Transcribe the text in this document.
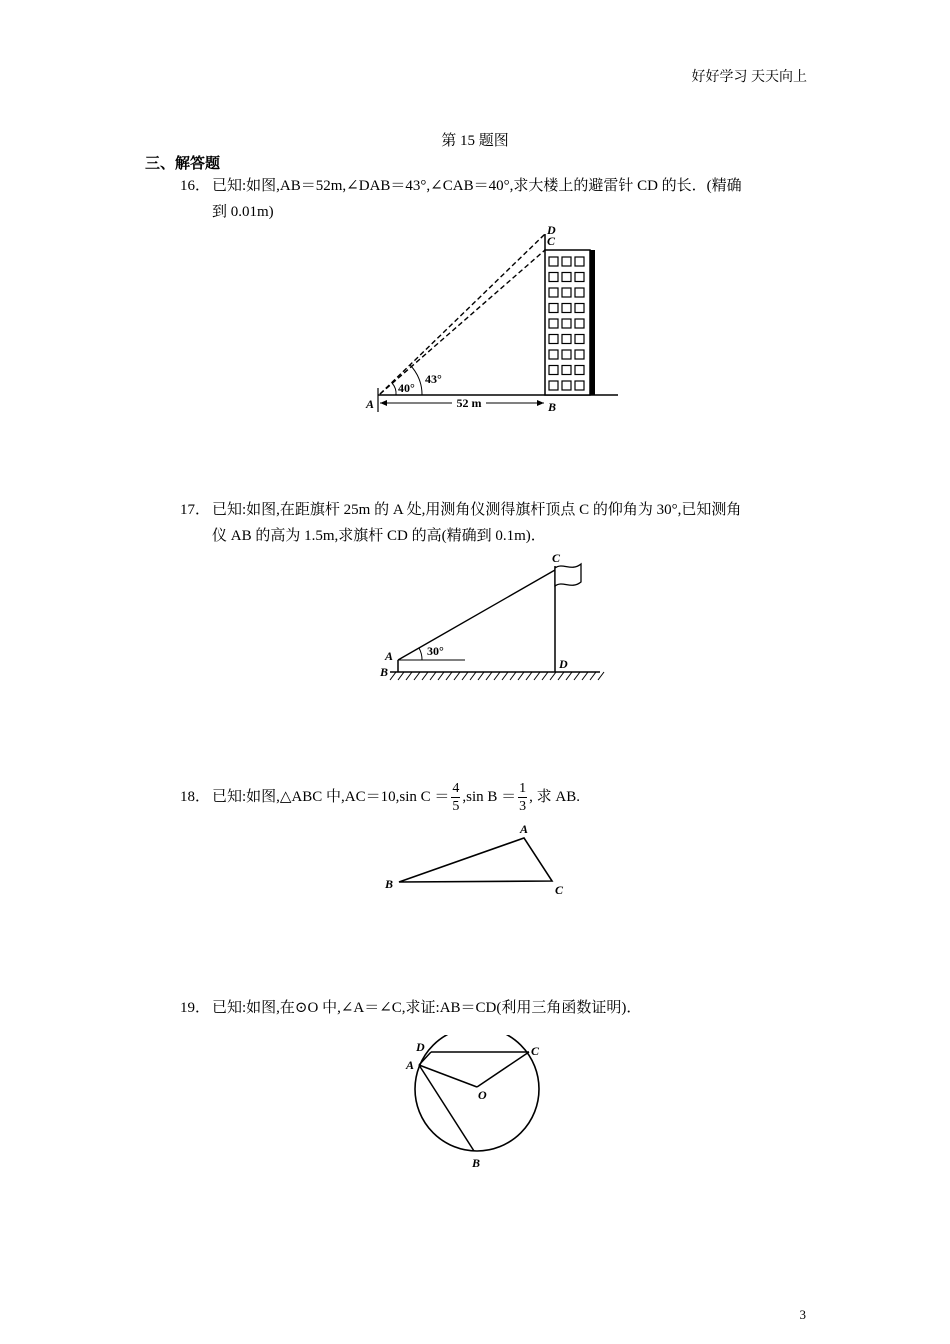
好好学习 天天向上
第 15 题图
三、解答题
16． 已知:如图,AB＝52m,∠DAB＝43°,∠CAB＝40°,求大楼上的避雷针 CD 的长．(精确
到 0.01m)
52 m
40°
43°
A	B
C
D
17． 已知:如图,在距旗杆 25m 的 A 处,用测角仪测得旗杆顶点 C 的仰角为 30°,已知测角
仪 AB 的高为 1.5m,求旗杆 CD 的高(精确到 0.1m)．
30°
C
D
A
B
18． 已知:如图,△ABC 中,AC＝10,sin $C = \frac{4}{5} ,\sin$ $B = \frac{1}{3}$ , 求 AB.
A
B	C
19． 已知:如图,在⊙O 中,∠A＝∠C,求证:AB＝CD(利用三角函数证明)．
D
A
C
O
B
3
